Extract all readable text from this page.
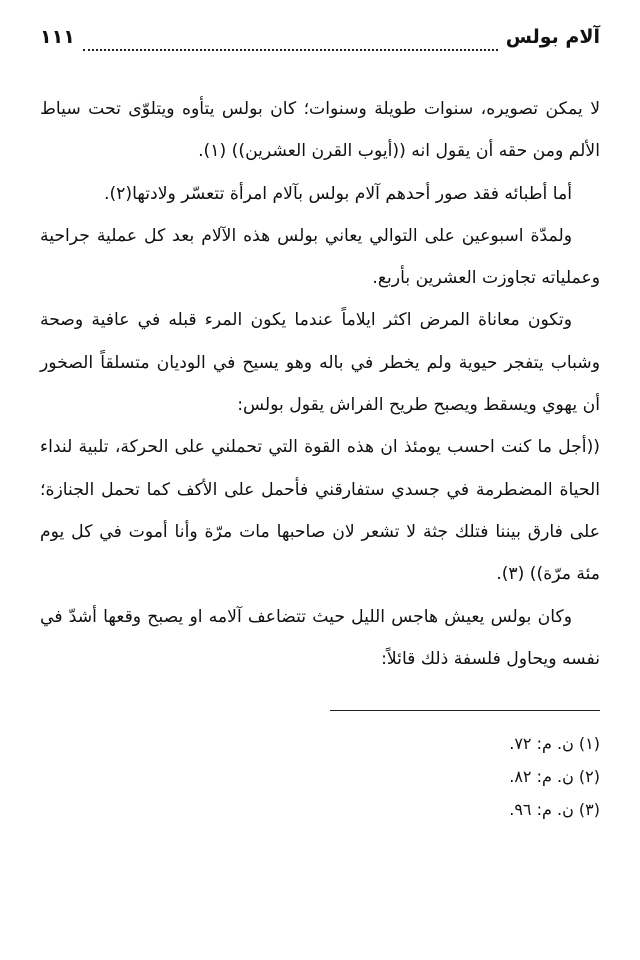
آلام بولس
١١١

لا يمكن تصويره، سنوات طويلة وسنوات؛ كان بولس يتأوه ويتلوّى تحت سياط الألم ومن حقه أن يقول انه ((أيوب القرن العشرين)) (١).

أما أطبائه فقد صور أحدهم آلام بولس بآلام امرأة تتعسّر ولادتها(٢).

ولمدّة اسبوعين على التوالي يعاني بولس هذه الآلام بعد كل عملية جراحية وعملياته تجاوزت العشرين بأربع.

وتكون معاناة المرض اكثر ايلاماً عندما يكون المرء قبله في عافية وصحة وشباب يتفجر حيوية ولم يخطر في باله وهو يسيح في الوديان متسلقاً الصخور أن يهوي ويسقط ويصبح طريح الفراش يقول بولس:

((أجل ما كنت احسب يومئذ ان هذه القوة التي تحملني على الحركة، تلبية لنداء الحياة المضطرمة في جسدي ستفارقني فأحمل على الأكف كما تحمل الجنازة؛ على فارق بيننا فتلك جثة لا تشعر لان صاحبها مات مرّة وأنا أموت في كل يوم مئة مرّة)) (٣).

وكان بولس يعيش هاجس الليل حيث تتضاعف آلامه او يصبح وقعها أشدّ في نفسه ويحاول فلسفة ذلك قائلاً:

(١) ن. م: ٧٢.

(٢) ن. م: ٨٢.

(٣) ن. م: ٩٦.
